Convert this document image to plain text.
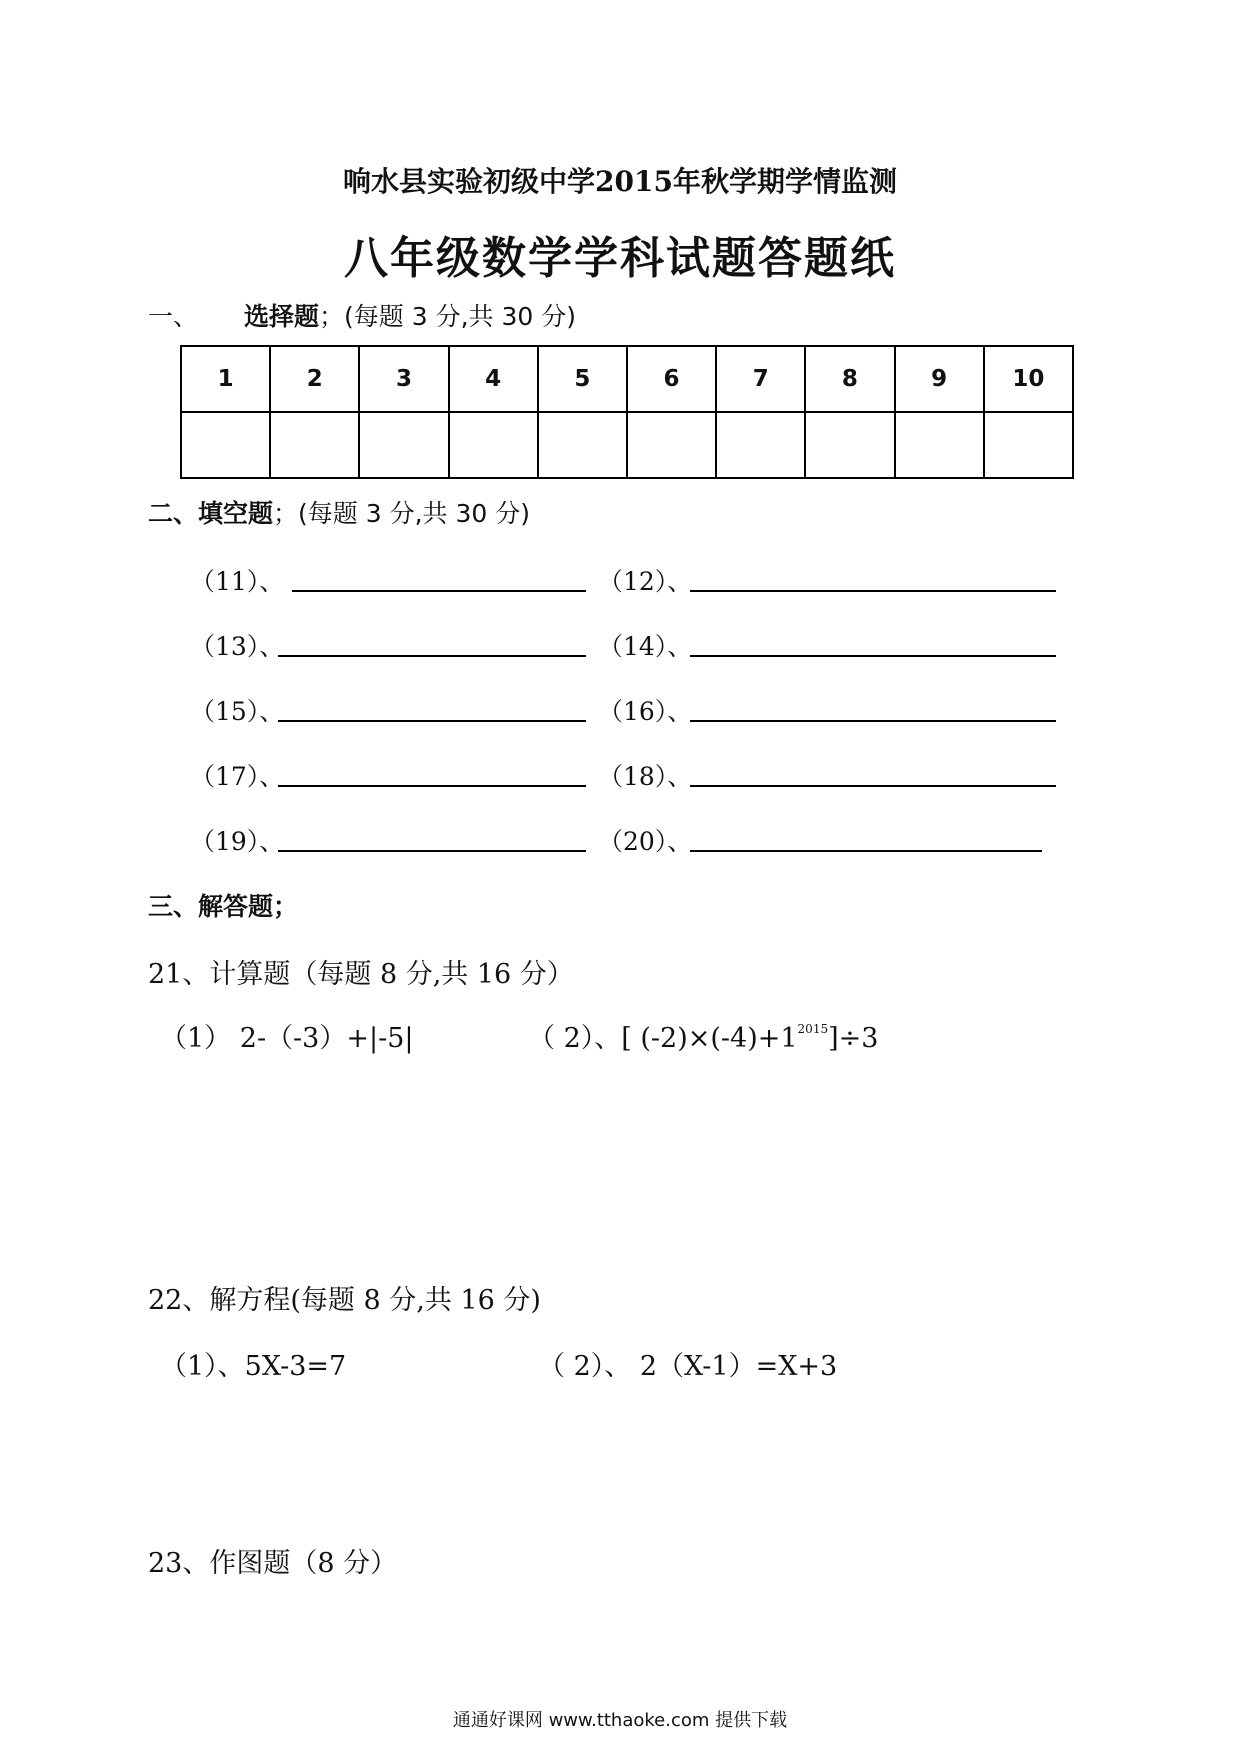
响水县实验初级中学2015年秋学期学情监测
八年级数学学科试题答题纸
一、 选择题；(每题 3 分,共 30 分)
1	2	3	4	5	6	7	8	9	10

二、填空题；(每题 3 分,共 30 分)
（11）、	（12）、
（13）、	（14）、
（15）、	（16）、
（17）、	（18）、
（19）、	（20）、
三、解答题；
21、计算题（每题 8 分,共 16 分）
（1） 2-（-3）+|-5|	（ 2）、[ $(-2)\times(-4)+1^{2015}]\div 3$
22、解方程(每题 8 分,共 16 分)
（1）、5X-3=7	（ 2）、 2（X-1）=X+3
23、作图题（8 分）
通通好课网 www.tthaoke.com 提供下载
